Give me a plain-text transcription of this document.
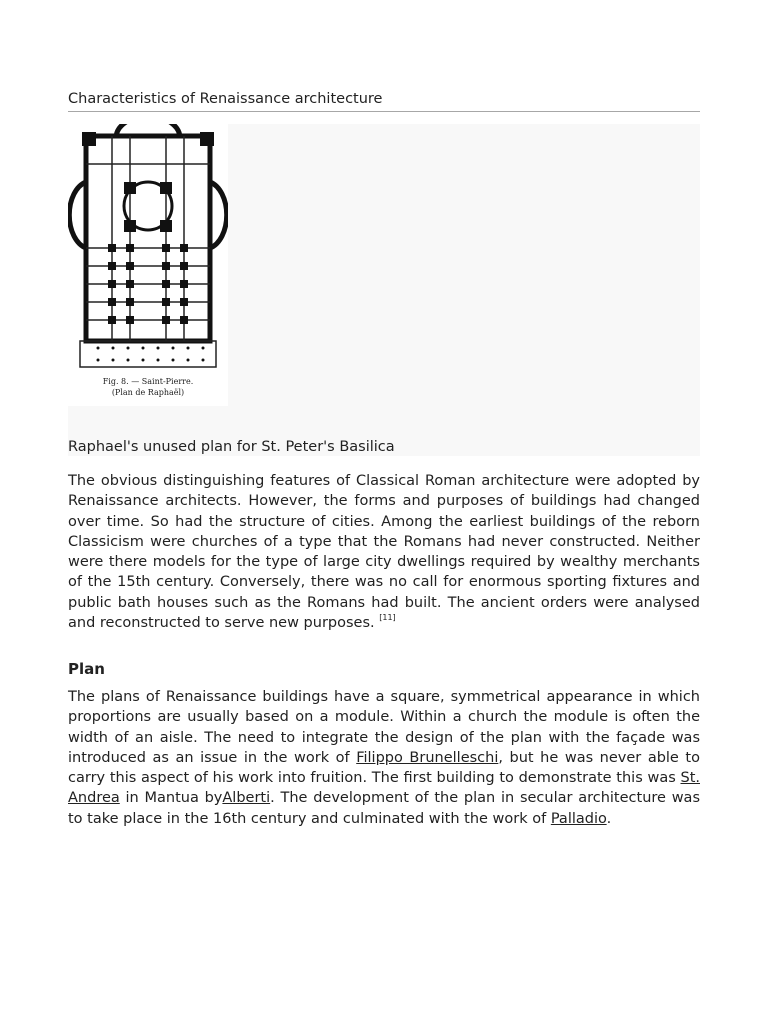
Characteristics of Renaissance architecture
Fig. 8. — Saint-Pierre.
(Plan de Raphaël)
Raphael's unused plan for St. Peter's Basilica

The obvious distinguishing features of Classical Roman architecture were adopted by Renaissance architects. However, the forms and purposes of buildings had changed over time. So had the structure of cities. Among the earliest buildings of the reborn Classicism were churches of a type that the Romans had never constructed. Neither were there models for the type of large city dwellings required by wealthy merchants of the 15th century. Conversely, there was no call for enormous sporting fixtures and public bath houses such as the Romans had built. The ancient orders were analysed and reconstructed to serve new purposes. [11]

Plan

The plans of Renaissance buildings have a square, symmetrical appearance in which proportions are usually based on a module. Within a church the module is often the width of an aisle. The need to integrate the design of the plan with the façade was introduced as an issue in the work of Filippo Brunelleschi, but he was never able to carry this aspect of his work into fruition. The first building to demonstrate this was St. Andrea in Mantua byAlberti. The development of the plan in secular architecture was to take place in the 16th century and culminated with the work of Palladio.
